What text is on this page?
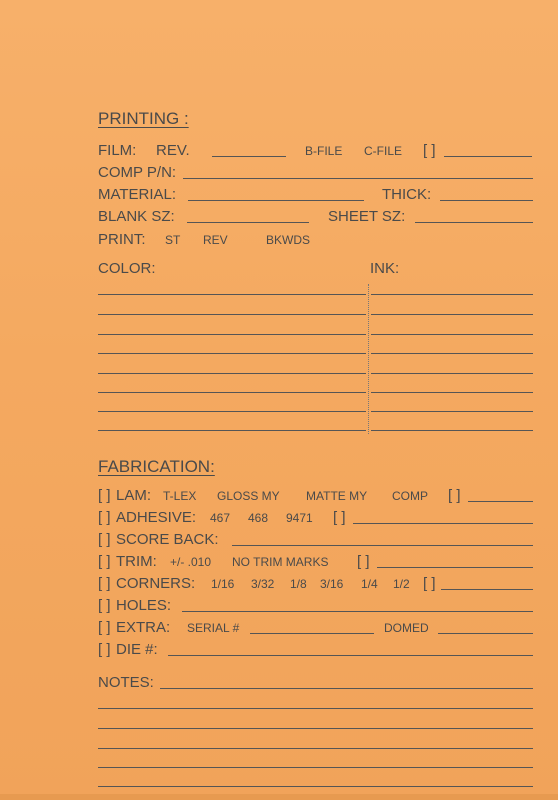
PRINTING :
FILM: REV.	B-FILE C-FILE [ ]
COMP P/N:
MATERIAL:	THICK:
BLANK SZ:	SHEET SZ:
PRINT: ST REV	BKWDS
COLOR:	INK:
FABRICATION:
[ ] LAM: T-LEX GLOSS MY MATTE MY COMP [ ]
[ ] ADHESIVE: 467 468 9471 [ ]
[ ] SCORE BACK:
[ ] TRIM: +/- .010 NO TRIM MARKS [ ]
[ ] CORNERS: 1/16 3/32 1/8 3/16 1/4 1/2 [ ]
[ ] HOLES:
[ ] EXTRA: SERIAL #	DOMED
[ ] DIE #:
NOTES:
